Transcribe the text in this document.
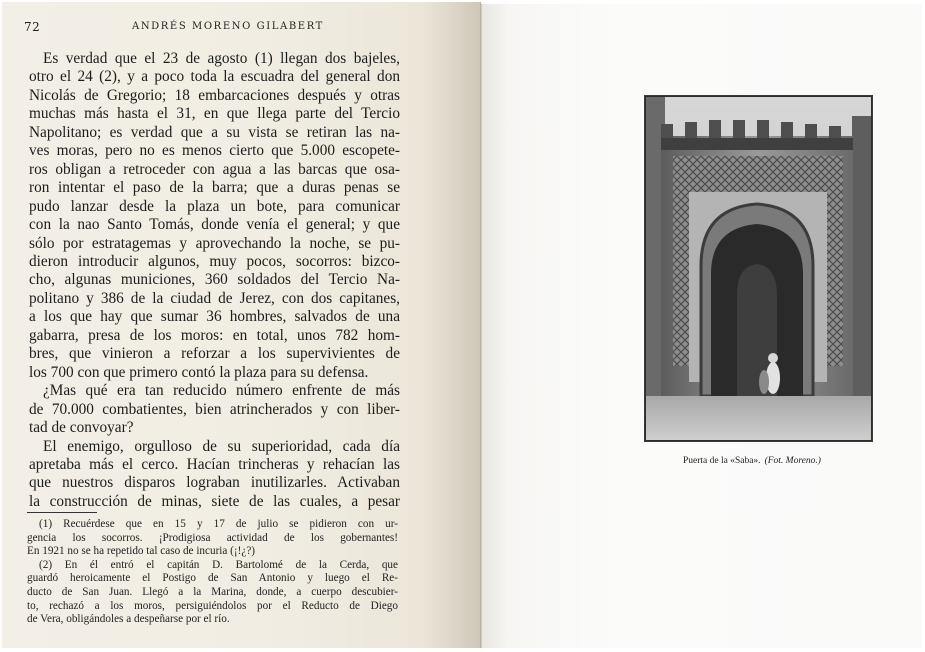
72	ANDRÉS MORENO GILABERT
Es verdad que el 23 de agosto (1) llegan dos bajeles,
otro el 24 (2), y a poco toda la escuadra del general don
Nicolás de Gregorio; 18 embarcaciones después y otras
muchas más hasta el 31, en que llega parte del Tercio
Napolitano; es verdad que a su vista se retiran las na-
ves moras, pero no es menos cierto que 5.000 escopete-
ros obligan a retroceder con agua a las barcas que osa-
ron intentar el paso de la barra; que a duras penas se
pudo lanzar desde la plaza un bote, para comunicar
con la nao Santo Tomás, donde venía el general; y que
sólo por estratagemas y aprovechando la noche, se pu-
dieron introducir algunos, muy pocos, socorros: bizco-
cho, algunas municiones, 360 soldados del Tercio Na-
politano y 386 de la ciudad de Jerez, con dos capitanes,
a los que hay que sumar 36 hombres, salvados de una
gabarra, presa de los moros: en total, unos 782 hom-
bres, que vinieron a reforzar a los supervivientes de
los 700 con que primero contó la plaza para su defensa.
¿Mas qué era tan reducido número enfrente de más
de 70.000 combatientes, bien atrincherados y con liber-
tad de convoyar?
El enemigo, orgulloso de su superioridad, cada día
apretaba más el cerco. Hacían trincheras y rehacían las
que nuestros disparos lograban inutilizarles. Activaban
la construcción de minas, siete de las cuales, a pesar
(1) Recuérdese que en 15 y 17 de julio se pidieron con ur-
gencia los socorros. ¡Prodigiosa actividad de los gobernantes!
En 1921 no se ha repetido tal caso de incuria (¡!¿?)
(2) En él entró el capitán D. Bartolomé de la Cerda, que
guardó heroicamente el Postigo de San Antonio y luego el Re-
ducto de San Juan. Llegó a la Marina, donde, a cuerpo descubier-
to, rechazó a los moros, persiguiéndolos por el Reducto de Diego
de Vera, obligándoles a despeñarse por el río.
Puerta de la «Saba». (Fot. Moreno.)
